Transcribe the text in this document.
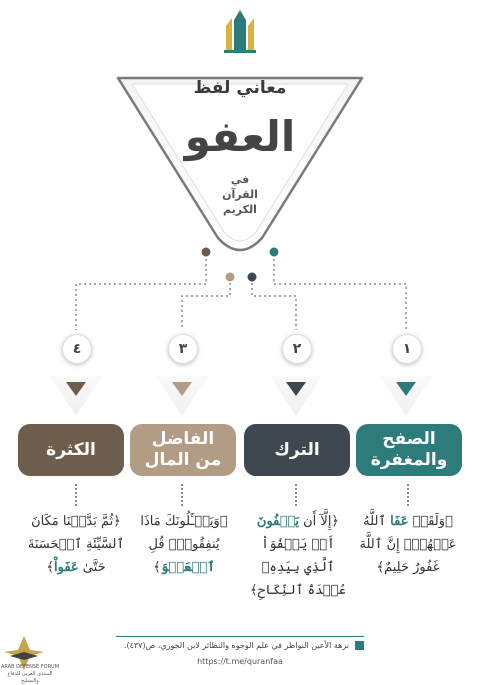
معاني لفظ
العفو
في
القرآن
الكريم
٤
الكثرة
﴿ثُمَّ بَدَّلۡنَا مَكَانَ ٱلسَّيِّئَةِ ٱلۡحَسَنَةَ حَتَّىٰ عَفَواْ﴾
٣
الفاضل
من المال
﴿وَيَسۡـَٔلُونَكَ مَاذَا يُنفِقُونَۖ قُلِ ٱلۡعَفۡوَ﴾
٢
الترك
﴿إِلَّآ أَن يَعۡفُونَ أَوۡ يَعۡفُوَاْ ٱلَّذِي بِيَدِهِۦ عُقۡدَةُ ٱلنِّكَاحِ﴾
١
الصفح
والمغفرة
﴿وَلَقَدۡ عَفَا ٱللَّهُ عَنۡهُمۡۗ إِنَّ ٱللَّهَ غَفُورٌ حَلِيمٌ﴾
نزهة الأعين النواظر في علم الوجوه والنظائر لابن الجوزي، ص(٤٣٧).
https://t.me/quranfaa
ARAB DEFENSE FORUM
المنتدى العربي للدفاع والتسليح
